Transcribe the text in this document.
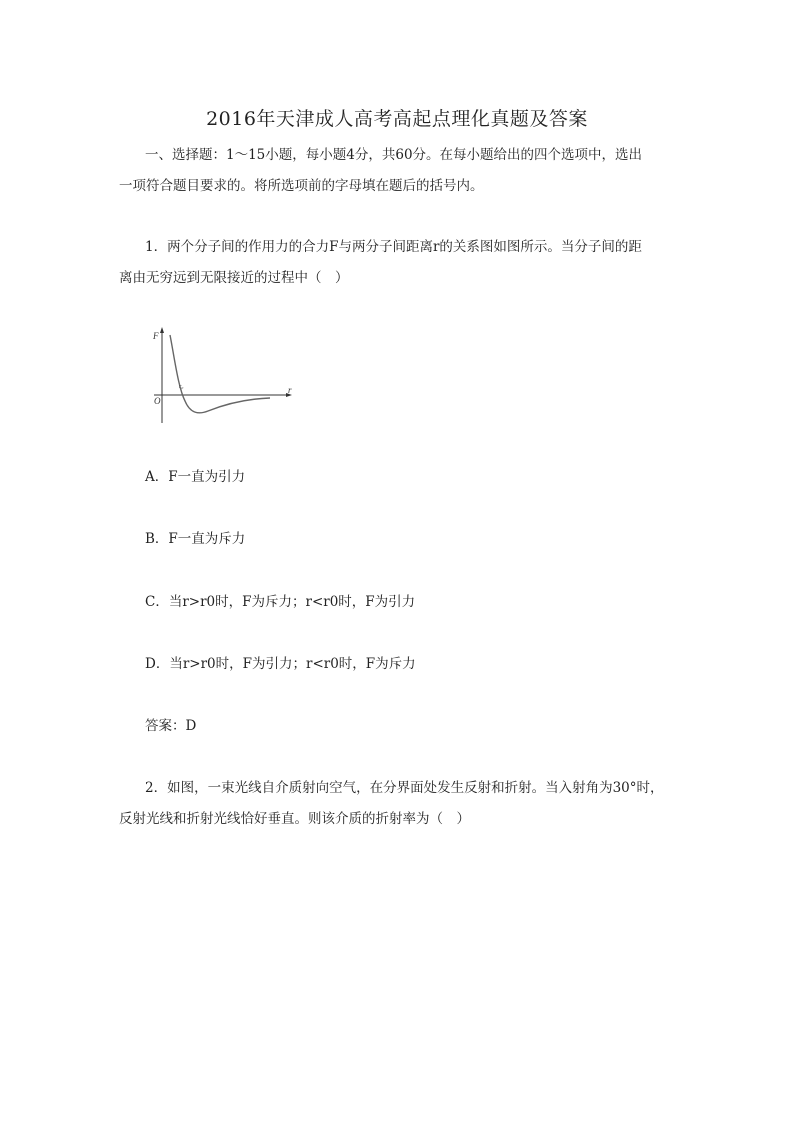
2016年天津成人高考高起点理化真题及答案
一、选择题：1～15小题，每小题4分，共60分。在每小题给出的四个选项中，选出
一项符合题目要求的。将所选项前的字母填在题后的括号内。
1．两个分子间的作用力的合力F与两分子间距离r的关系图如图所示。当分子间的距
离由无穷远到无限接近的过程中（　）
F
r
O
r₀
A．F一直为引力
B．F一直为斥力
C．当r>r0时，F为斥力；r<r0时，F为引力
D．当r>r0时，F为引力；r<r0时，F为斥力
答案：D
2．如图，一束光线自介质射向空气，在分界面处发生反射和折射。当入射角为30°时，
反射光线和折射光线恰好垂直。则该介质的折射率为（　）
